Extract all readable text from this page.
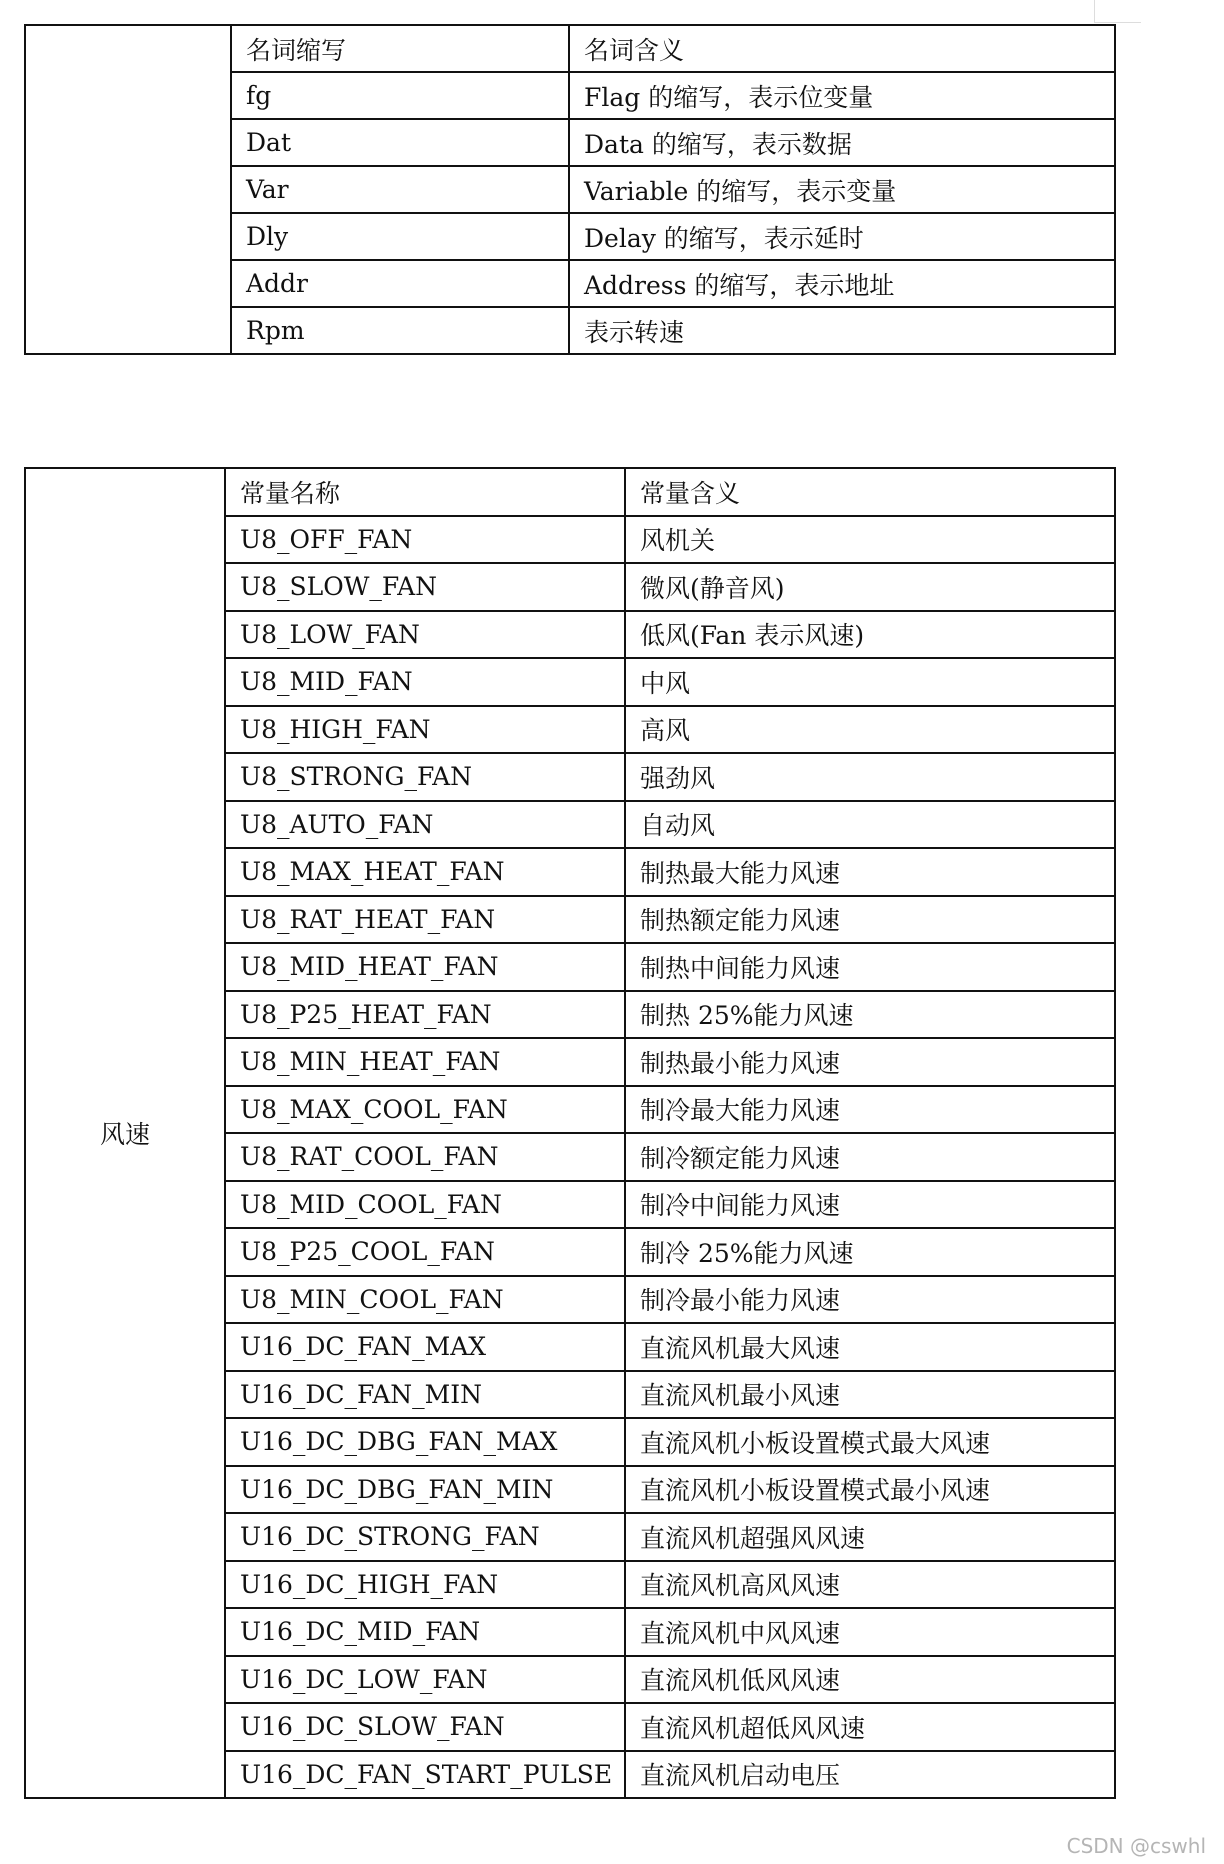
	名词缩写	名词含义
	fg	Flag 的缩写，表示位变量
	Dat	Data 的缩写，表示数据
	Var	Variable 的缩写，表示变量
	Dly	Delay 的缩写，表示延时
	Addr	Address 的缩写，表示地址
	Rpm	表示转速
风速	常量名称	常量含义
	U8_OFF_FAN	风机关
	U8_SLOW_FAN	微风(静音风)
	U8_LOW_FAN	低风(Fan 表示风速)
	U8_MID_FAN	中风
	U8_HIGH_FAN	高风
	U8_STRONG_FAN	强劲风
	U8_AUTO_FAN	自动风
	U8_MAX_HEAT_FAN	制热最大能力风速
	U8_RAT_HEAT_FAN	制热额定能力风速
	U8_MID_HEAT_FAN	制热中间能力风速
	U8_P25_HEAT_FAN	制热 25%能力风速
	U8_MIN_HEAT_FAN	制热最小能力风速
	U8_MAX_COOL_FAN	制冷最大能力风速
	U8_RAT_COOL_FAN	制冷额定能力风速
	U8_MID_COOL_FAN	制冷中间能力风速
	U8_P25_COOL_FAN	制冷 25%能力风速
	U8_MIN_COOL_FAN	制冷最小能力风速
	U16_DC_FAN_MAX	直流风机最大风速
	U16_DC_FAN_MIN	直流风机最小风速
	U16_DC_DBG_FAN_MAX	直流风机小板设置模式最大风速
	U16_DC_DBG_FAN_MIN	直流风机小板设置模式最小风速
	U16_DC_STRONG_FAN	直流风机超强风风速
	U16_DC_HIGH_FAN	直流风机高风风速
	U16_DC_MID_FAN	直流风机中风风速
	U16_DC_LOW_FAN	直流风机低风风速
	U16_DC_SLOW_FAN	直流风机超低风风速
	U16_DC_FAN_START_PULSE	直流风机启动电压
CSDN @cswhl
